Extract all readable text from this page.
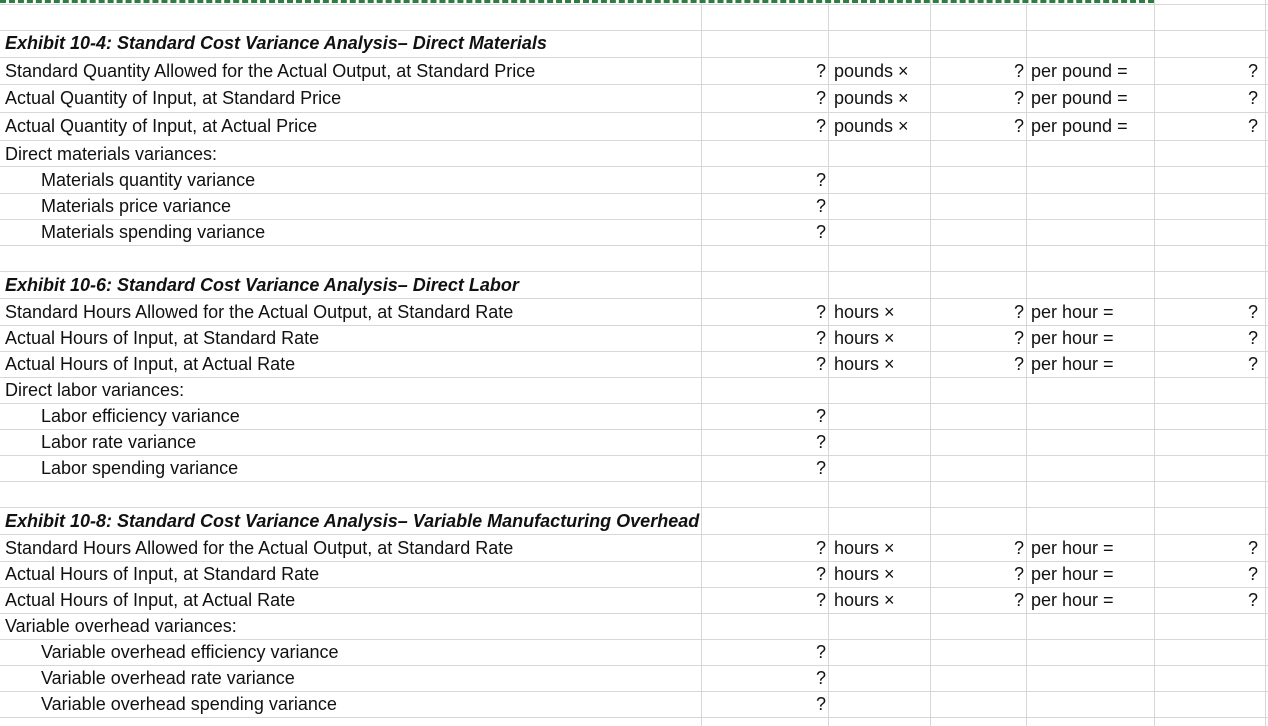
Exhibit 10-4: Standard Cost Variance Analysis– Direct Materials
Standard Quantity Allowed for the Actual Output, at Standard Price	? pounds ×	? per pound =	?
Actual Quantity of Input, at Standard Price	? pounds ×	? per pound =	?
Actual Quantity of Input, at Actual Price	? pounds ×	? per pound =	?
Direct materials variances:
Materials quantity variance	?
Materials price variance	?
Materials spending variance	?
Exhibit 10-6: Standard Cost Variance Analysis– Direct Labor
Standard Hours Allowed for the Actual Output, at Standard Rate	? hours ×	? per hour =	?
Actual Hours of Input, at Standard Rate	? hours ×	? per hour =	?
Actual Hours of Input, at Actual Rate	? hours ×	? per hour =	?
Direct labor variances:
Labor efficiency variance	?
Labor rate variance	?
Labor spending variance	?
Exhibit 10-8: Standard Cost Variance Analysis– Variable Manufacturing Overhead
Standard Hours Allowed for the Actual Output, at Standard Rate	? hours ×	? per hour =	?
Actual Hours of Input, at Standard Rate	? hours ×	? per hour =	?
Actual Hours of Input, at Actual Rate	? hours ×	? per hour =	?
Variable overhead variances:
Variable overhead efficiency variance	?
Variable overhead rate variance	?
Variable overhead spending variance	?
